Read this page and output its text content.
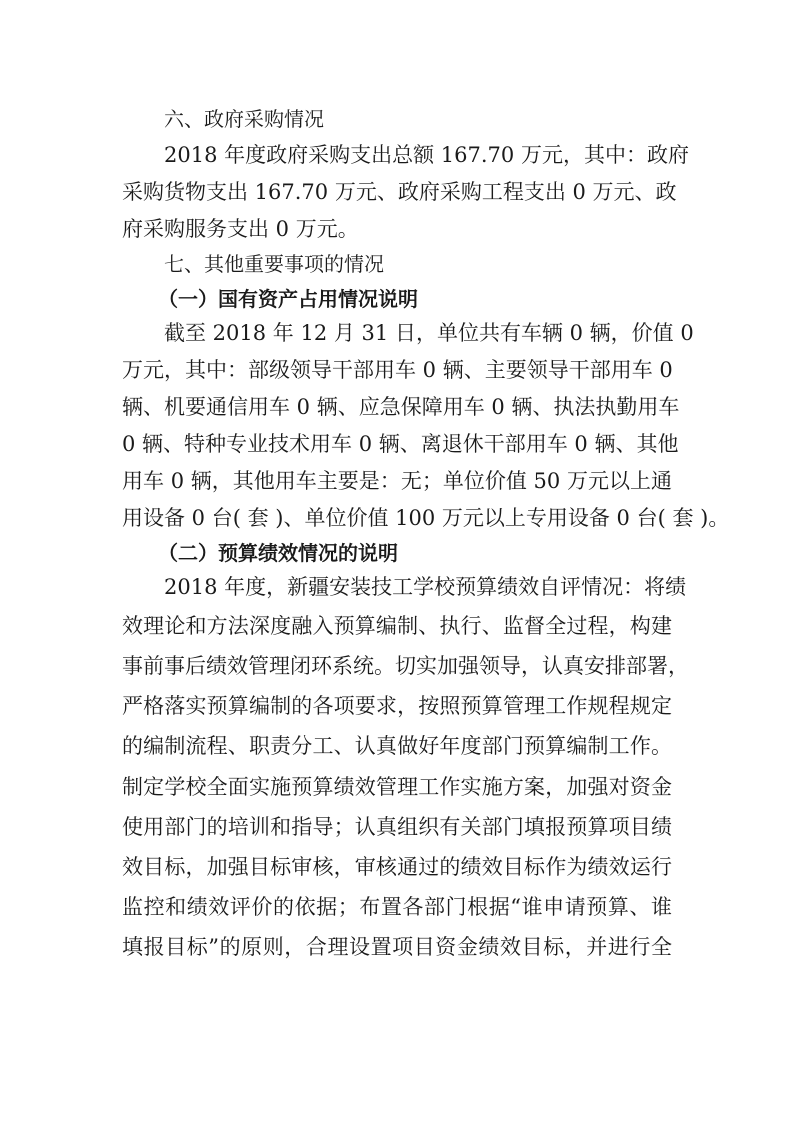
六、政府采购情况
2018 年度政府采购支出总额 167.70 万元，其中：政府
采购货物支出 167.70 万元、政府采购工程支出 0 万元、政
府采购服务支出 0 万元。
七、其他重要事项的情况
（一）国有资产占用情况说明
截至 2018 年 12 月 31 日，单位共有车辆 0 辆，价值 0
万元，其中：部级领导干部用车 0 辆、主要领导干部用车 0
辆、机要通信用车 0 辆、应急保障用车 0 辆、执法执勤用车
0 辆、特种专业技术用车 0 辆、离退休干部用车 0 辆、其他
用车 0 辆，其他用车主要是：无；单位价值 50 万元以上通
用设备 0 台( 套 )、单位价值 100 万元以上专用设备 0 台( 套 )。
（二）预算绩效情况的说明
2018 年度，新疆安装技工学校预算绩效自评情况：将绩
效理论和方法深度融入预算编制、执行、监督全过程，构建
事前事后绩效管理闭环系统。切实加强领导，认真安排部署，
严格落实预算编制的各项要求，按照预算管理工作规程规定
的编制流程、职责分工、认真做好年度部门预算编制工作。
制定学校全面实施预算绩效管理工作实施方案，加强对资金
使用部门的培训和指导；认真组织有关部门填报预算项目绩
效目标，加强目标审核，审核通过的绩效目标作为绩效运行
监控和绩效评价的依据；布置各部门根据“谁申请预算、谁
填报目标”的原则，合理设置项目资金绩效目标，并进行全
